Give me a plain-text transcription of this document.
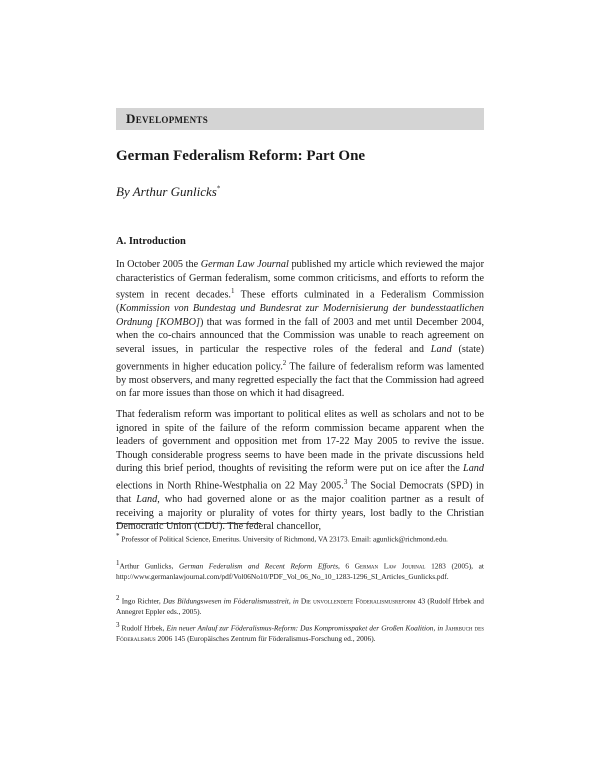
Developments
German Federalism Reform: Part One

By Arthur Gunlicks*

A. Introduction

In October 2005 the German Law Journal published my article which reviewed the major characteristics of German federalism, some common criticisms, and efforts to reform the system in recent decades.$^1$ These efforts culminated in a Federalism Commission (Kommission von Bundestag und Bundesrat zur Modernisierung der bundesstaatlichen Ordnung [KOMBO]) that was formed in the fall of 2003 and met until December 2004, when the co-chairs announced that the Commission was unable to reach agreement on several issues, in particular the respective roles of the federal and Land (state) governments in higher education policy.$^2$ The failure of federalism reform was lamented by most observers, and many regretted especially the fact that the Commission had agreed on far more issues than those on which it had disagreed.

That federalism reform was important to political elites as well as scholars and not to be ignored in spite of the failure of the reform commission became apparent when the leaders of government and opposition met from 17-22 May 2005 to revive the issue. Though considerable progress seems to have been made in the private discussions held during this brief period, thoughts of revisiting the reform were put on ice after the Land elections in North Rhine-Westphalia on 22 May 2005.$^3$ The Social Democrats (SPD) in that Land, who had governed alone or as the major coalition partner as a result of receiving a majority or plurality of votes for thirty years, lost badly to the Christian Democratic Union (CDU). The federal chancellor,

* Professor of Political Science, Emeritus. University of Richmond, VA 23173. Email: agunlick@richmond.edu.

$^1$Arthur Gunlicks, German Federalism and Recent Reform Efforts, 6 German Law Journal 1283 (2005), at http://www.germanlawjournal.com/pdf/Vol06No10/PDF_Vol_06_No_10_1283-1296_SI_Articles_Gunlicks.pdf.

$^2$ Ingo Richter, Das Bildungswesen im Föderalismusstreit, in Die unvollendete Föderalismusreform 43 (Rudolf Hrbek and Annegret Eppler eds., 2005).

$^3$ Rudolf Hrbek, Ein neuer Anlauf zur Föderalismus-Reform: Das Kompromisspaket der Großen Koalition, in Jahrbuch des Föderalismus 2006 145 (Europäisches Zentrum für Föderalismus-Forschung ed., 2006).
